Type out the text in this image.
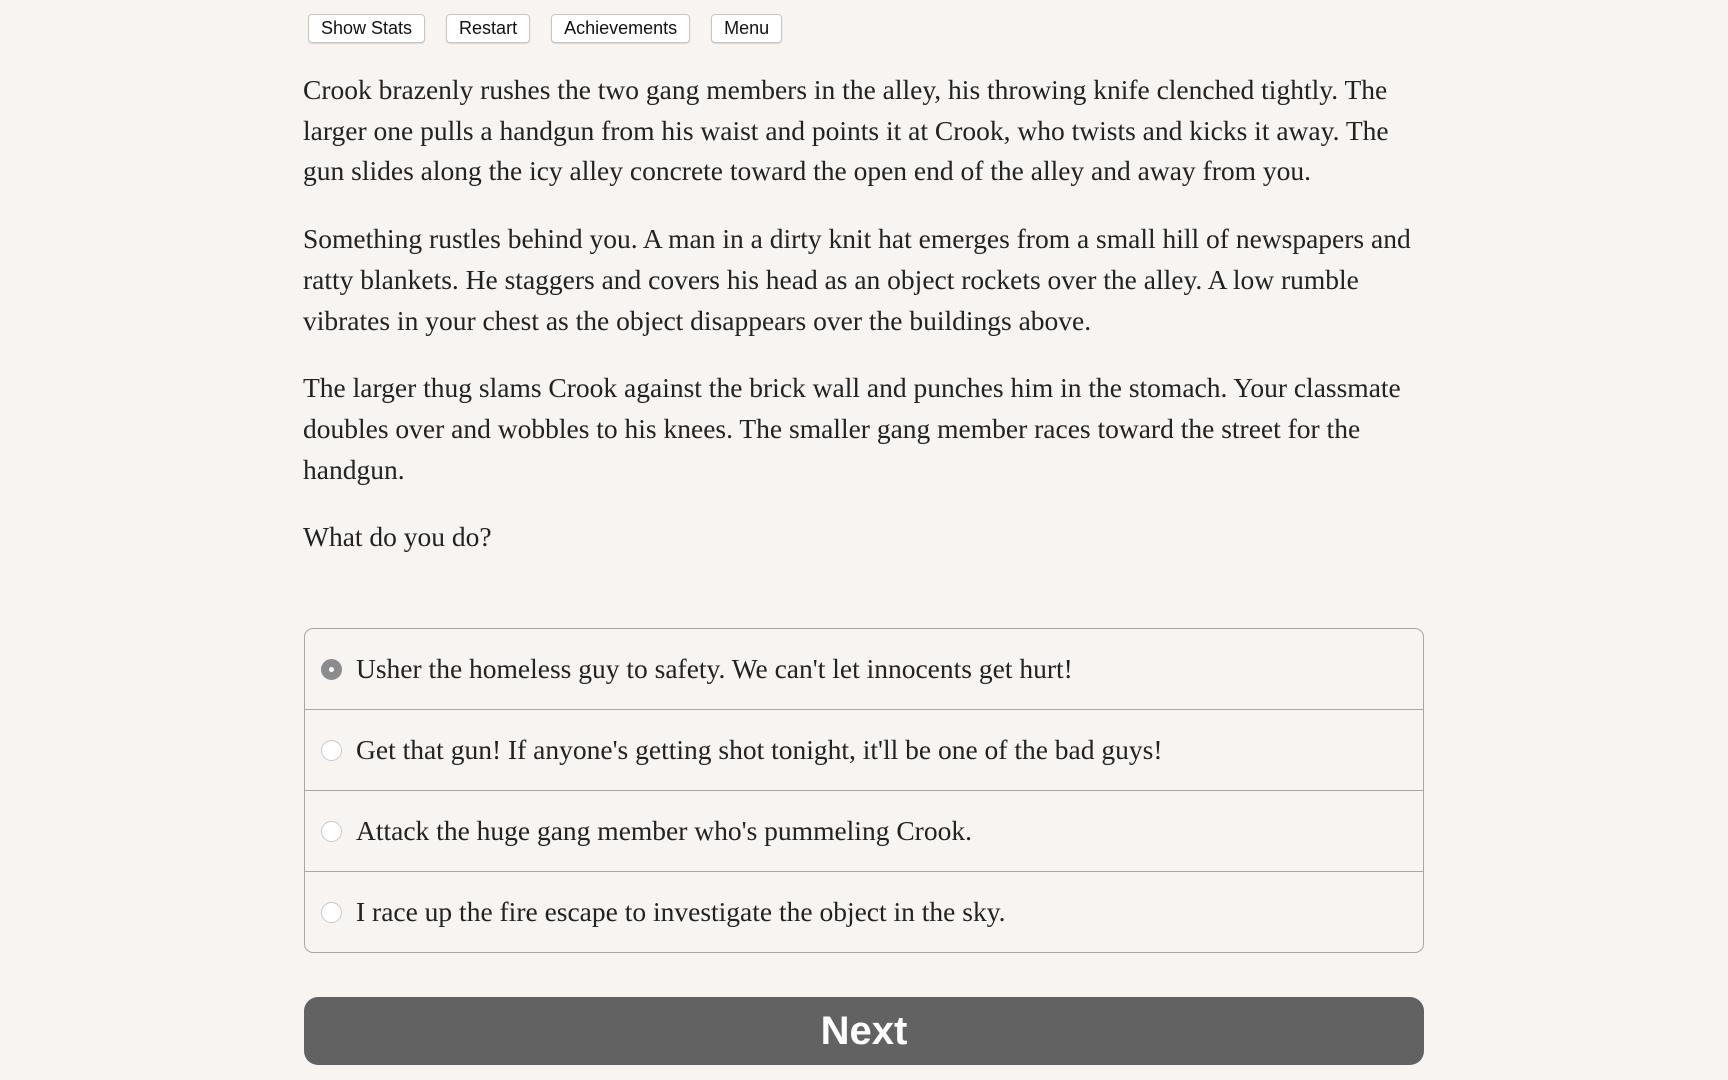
Show Stats	Restart	Achievements	Menu

Crook brazenly rushes the two gang members in the alley, his throwing knife clenched tightly. The larger one pulls a handgun from his waist and points it at Crook, who twists and kicks it away. The gun slides along the icy alley concrete toward the open end of the alley and away from you.

Something rustles behind you. A man in a dirty knit hat emerges from a small hill of newspapers and ratty blankets. He staggers and covers his head as an object rockets over the alley. A low rumble vibrates in your chest as the object disappears over the buildings above.

The larger thug slams Crook against the brick wall and punches him in the stomach. Your classmate doubles over and wobbles to his knees. The smaller gang member races toward the street for the handgun.

What do you do?

Usher the homeless guy to safety. We can't let innocents get hurt!
Get that gun! If anyone's getting shot tonight, it'll be one of the bad guys!
Attack the huge gang member who's pummeling Crook.
I race up the fire escape to investigate the object in the sky.
Next
